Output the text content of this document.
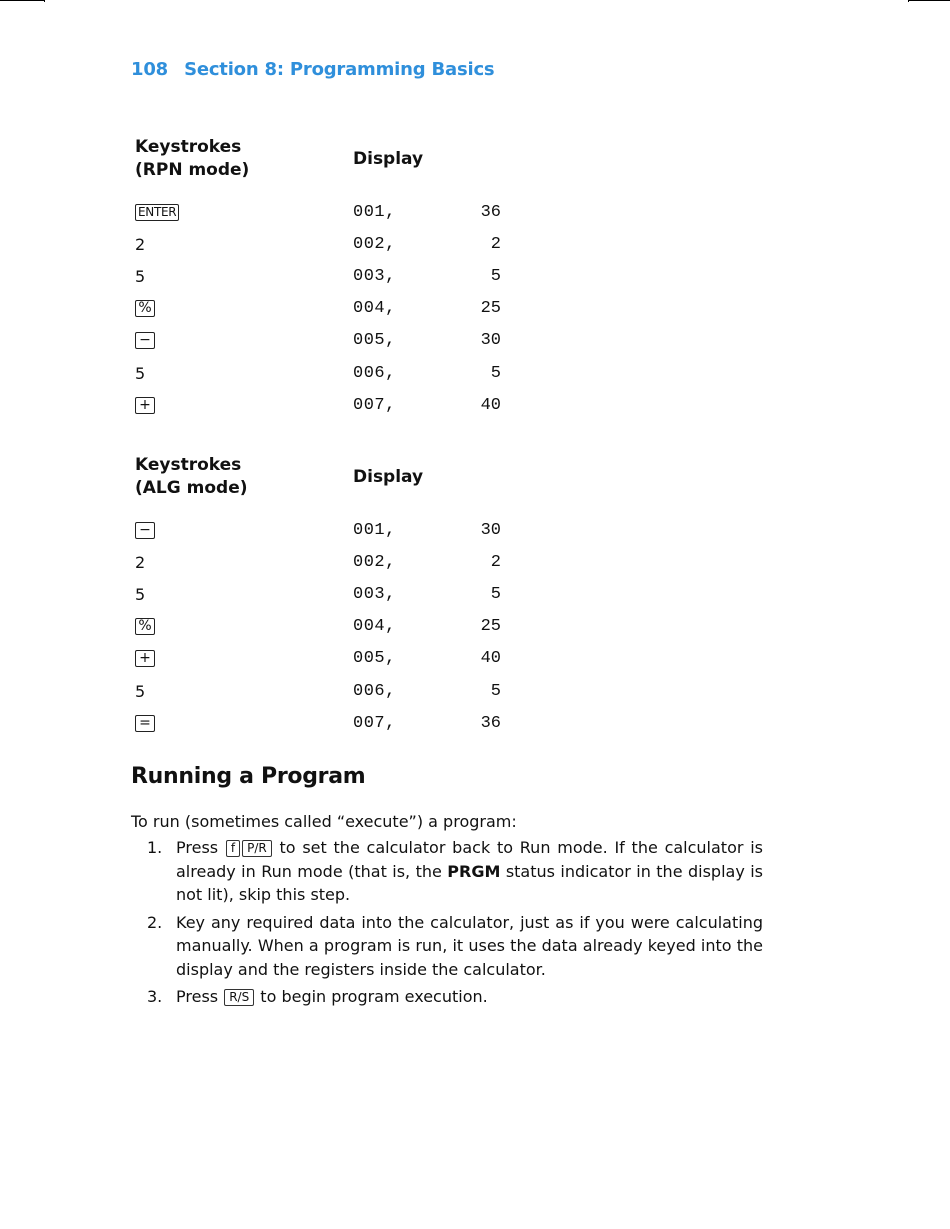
108 Section 8: Programming Basics
Keystrokes
(RPN mode)
Display
ENTER	001,	36
2	002,	2
5	003,	5
%	004,	25
−	005,	30
5	006,	5
+	007,	40
Keystrokes
(ALG mode)
Display
−	001,	30
2	002,	2
5	003,	5
%	004,	25
+	005,	40
5	006,	5
=	007,	36
Running a Program
To run (sometimes called “execute”) a program:
1. Press f P/R to set the calculator back to Run mode. If the calculator is already in Run mode (that is, the PRGM status indicator in the display is not lit), skip this step.
2. Key any required data into the calculator, just as if you were calculating manually. When a program is run, it uses the data already keyed into the display and the registers inside the calculator.
3. Press R/S to begin program execution.
